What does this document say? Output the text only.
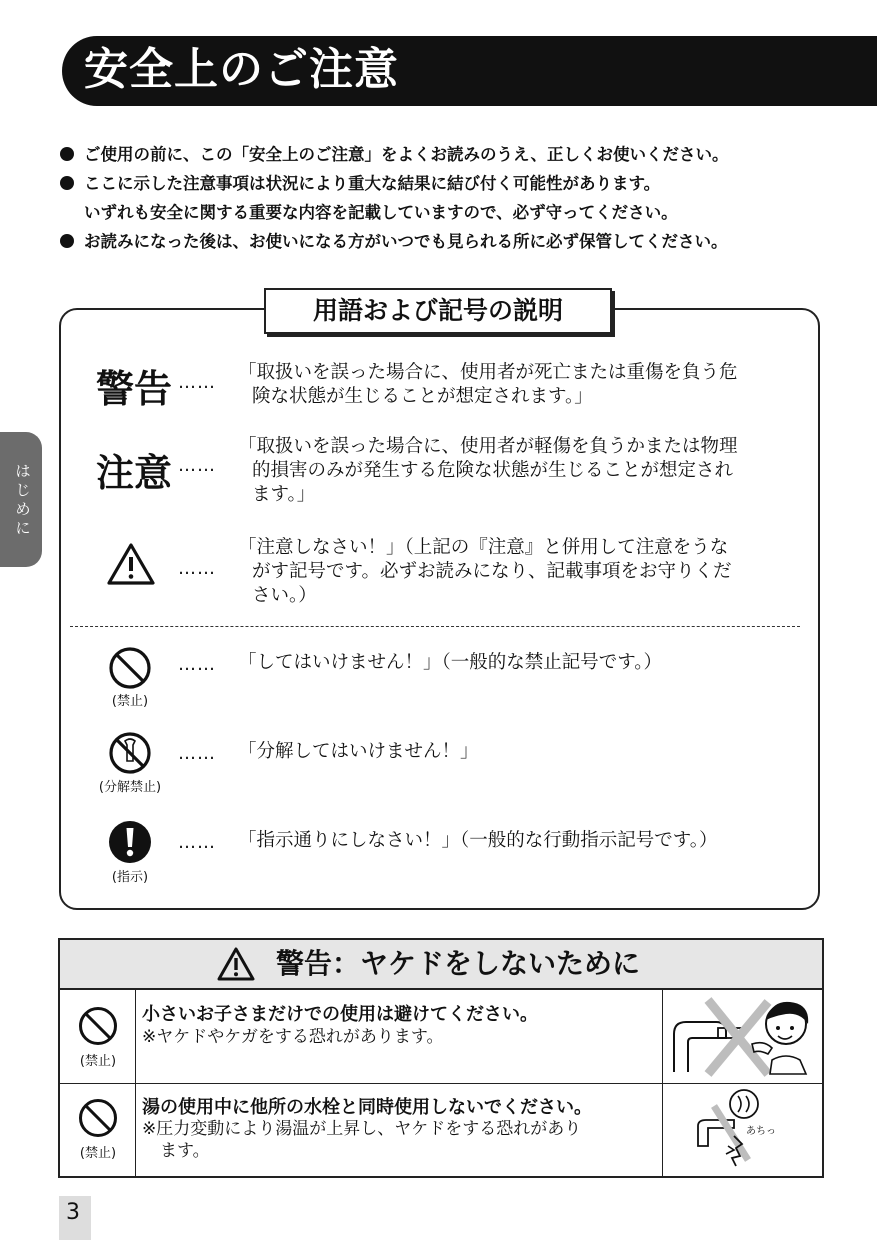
安全上のご注意
ご使用の前に、この「安全上のご注意」をよくお読みのうえ、正しくお使いください。
ここに示した注意事項は状況により重大な結果に結び付く可能性があります。
いずれも安全に関する重要な内容を記載していますので、必ず守ってください。
お読みになった後は、お使いになる方がいつでも見られる所に必ず保管してください。
はじめに
用語および記号の説明
警告 …… 「取扱いを誤った場合に、使用者が死亡または重傷を負う危
険な状態が生じることが想定されます。」
注意 ……
「取扱いを誤った場合に、使用者が軽傷を負うかまたは物理
的損害のみが発生する危険な状態が生じることが想定され
ます。」
……
「注意しなさい！」（上記の『注意』と併用して注意をうな
がす記号です。必ずお読みになり、記載事項をお守りくだ
さい。）
(禁止)
…… 「してはいけません！」（一般的な禁止記号です。）
(分解禁止)
…… 「分解してはいけません！」
(指示)
…… 「指示通りにしなさい！」（一般的な行動指示記号です。）
警告：ヤケドをしないために
(禁止)
小さいお子さまだけでの使用は避けてください。
※ヤケドやケガをする恐れがあります。
(禁止)
湯の使用中に他所の水栓と同時使用しないでください。
※圧力変動により湯温が上昇し、ヤケドをする恐れがあり
ます。
あちっ
3
